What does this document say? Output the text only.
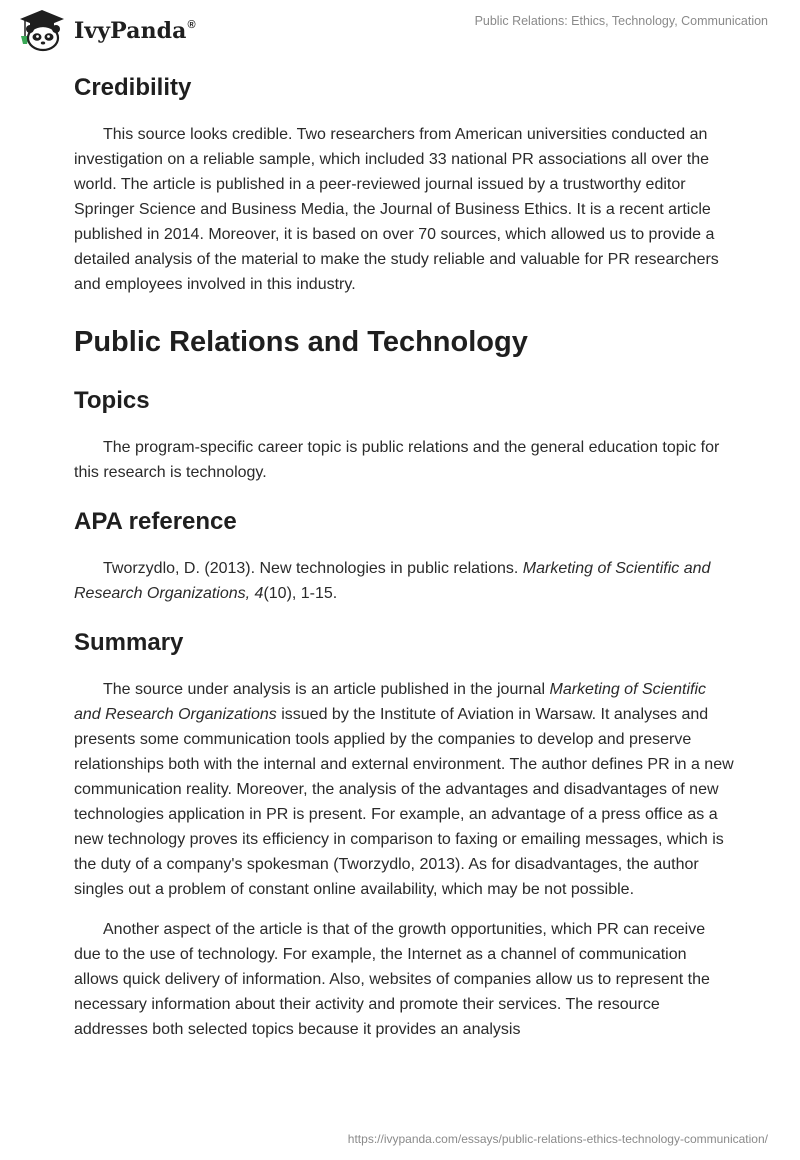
IvyPanda®	Public Relations: Ethics, Technology, Communication
Credibility

This source looks credible. Two researchers from American universities conducted an investigation on a reliable sample, which included 33 national PR associations all over the world. The article is published in a peer-reviewed journal issued by a trustworthy editor Springer Science and Business Media, the Journal of Business Ethics. It is a recent article published in 2014. Moreover, it is based on over 70 sources, which allowed us to provide a detailed analysis of the material to make the study reliable and valuable for PR researchers and employees involved in this industry.

Public Relations and Technology
Topics

The program-specific career topic is public relations and the general education topic for this research is technology.

APA reference

Tworzydlo, D. (2013). New technologies in public relations. Marketing of Scientific and Research Organizations, 4(10), 1-15.

Summary

The source under analysis is an article published in the journal Marketing of Scientific and Research Organizations issued by the Institute of Aviation in Warsaw. It analyses and presents some communication tools applied by the companies to develop and preserve relationships both with the internal and external environment. The author defines PR in a new communication reality. Moreover, the analysis of the advantages and disadvantages of new technologies application in PR is present. For example, an advantage of a press office as a new technology proves its efficiency in comparison to faxing or emailing messages, which is the duty of a company's spokesman (Tworzydlo, 2013). As for disadvantages, the author singles out a problem of constant online availability, which may be not possible.

Another aspect of the article is that of the growth opportunities, which PR can receive due to the use of technology. For example, the Internet as a channel of communication allows quick delivery of information. Also, websites of companies allow us to represent the necessary information about their activity and promote their services. The resource addresses both selected topics because it provides an analysis

https://ivypanda.com/essays/public-relations-ethics-technology-communication/
